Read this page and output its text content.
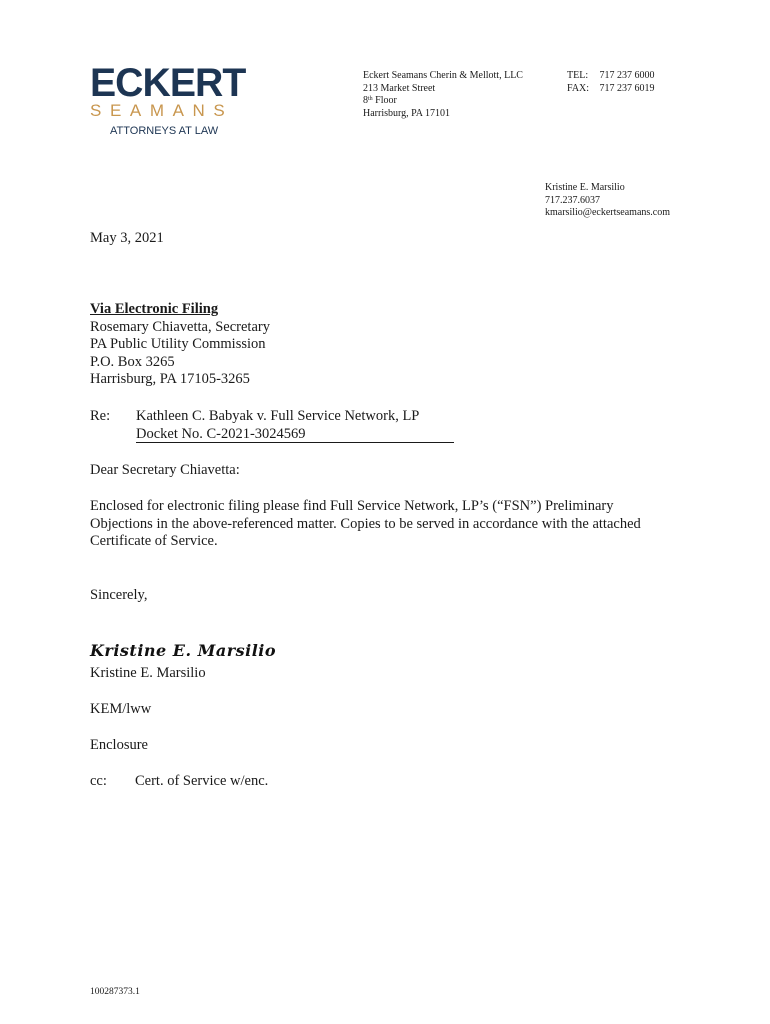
ECKERT
SEAMANS
ATTORNEYS AT LAW
Eckert Seamans Cherin & Mellott, LLC
213 Market Street
8th Floor
Harrisburg, PA 17101
TEL: 717 237 6000
FAX: 717 237 6019
Kristine E. Marsilio
717.237.6037
kmarsilio@eckertseamans.com
May 3, 2021
Via Electronic Filing
Rosemary Chiavetta, Secretary
PA Public Utility Commission
P.O. Box 3265
Harrisburg, PA 17105-3265
Re: Kathleen C. Babyak v. Full Service Network, LP
Docket No. C-2021-3024569
Dear Secretary Chiavetta:
Enclosed for electronic filing please find Full Service Network, LP’s (“FSN”) Preliminary
Objections in the above-referenced matter. Copies to be served in accordance with the attached
Certificate of Service.
Sincerely,
Kristine E. Marsilio
Kristine E. Marsilio
KEM/lww
Enclosure
cc: Cert. of Service w/enc.
100287373.1
